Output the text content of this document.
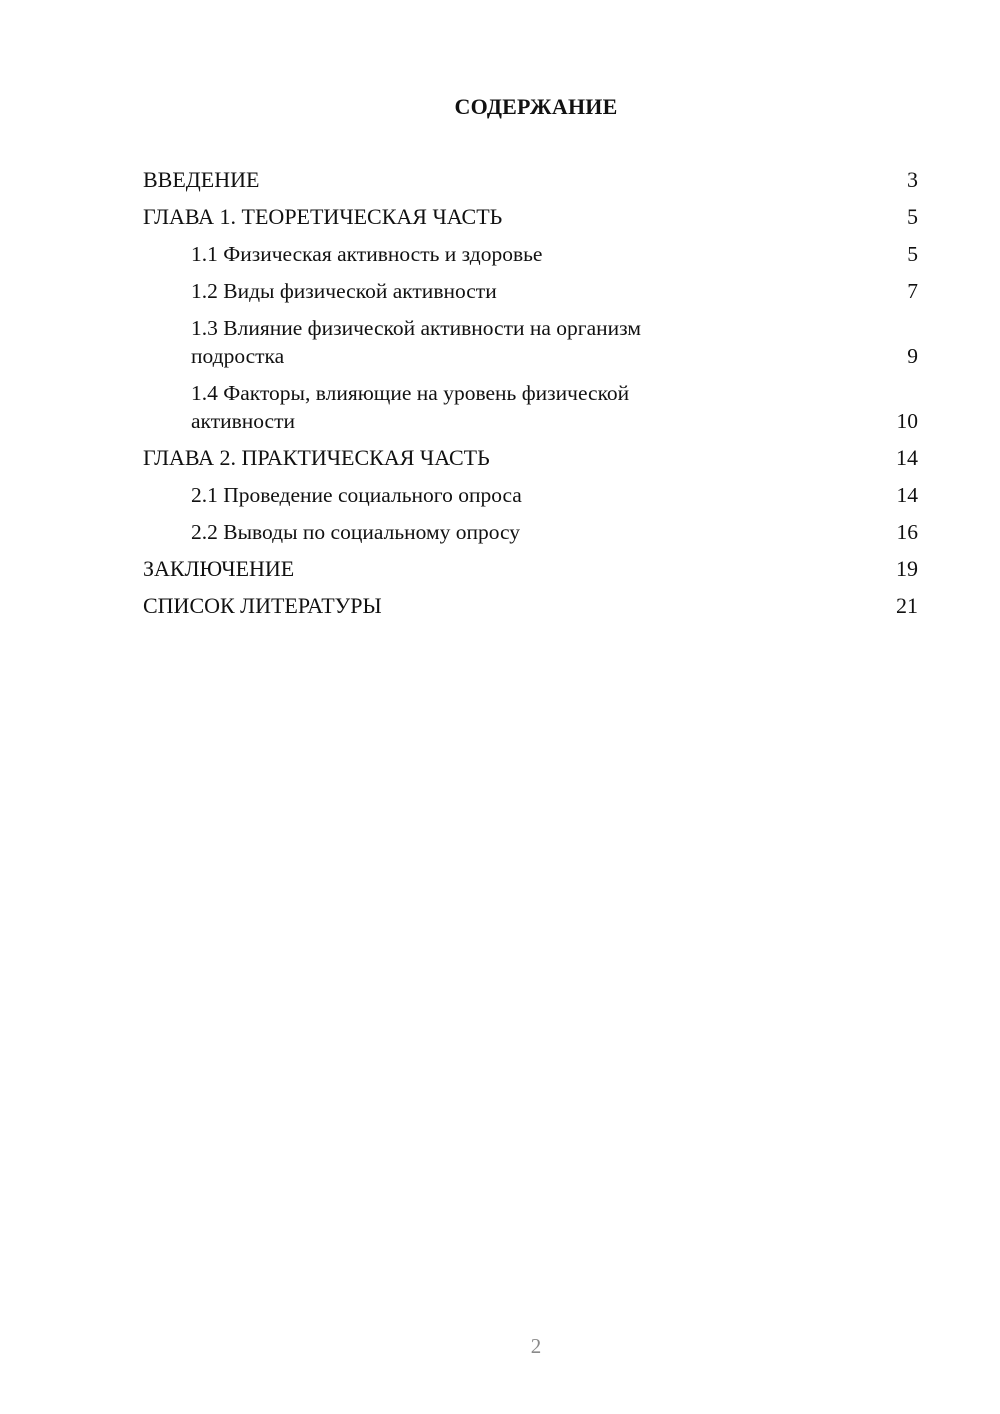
СОДЕРЖАНИЕ
ВВЕДЕНИЕ	3
ГЛАВА 1. ТЕОРЕТИЧЕСКАЯ ЧАСТЬ	5
1.1 Физическая активность и здоровье	5
1.2 Виды физической активности	7
1.3 Влияние физической активности на организм подростка	9
1.4 Факторы, влияющие на уровень физической активности	10
ГЛАВА 2. ПРАКТИЧЕСКАЯ ЧАСТЬ	14
2.1 Проведение социального опроса	14
2.2 Выводы по социальному опросу	16
ЗАКЛЮЧЕНИЕ	19
СПИСОК ЛИТЕРАТУРЫ	21
2
